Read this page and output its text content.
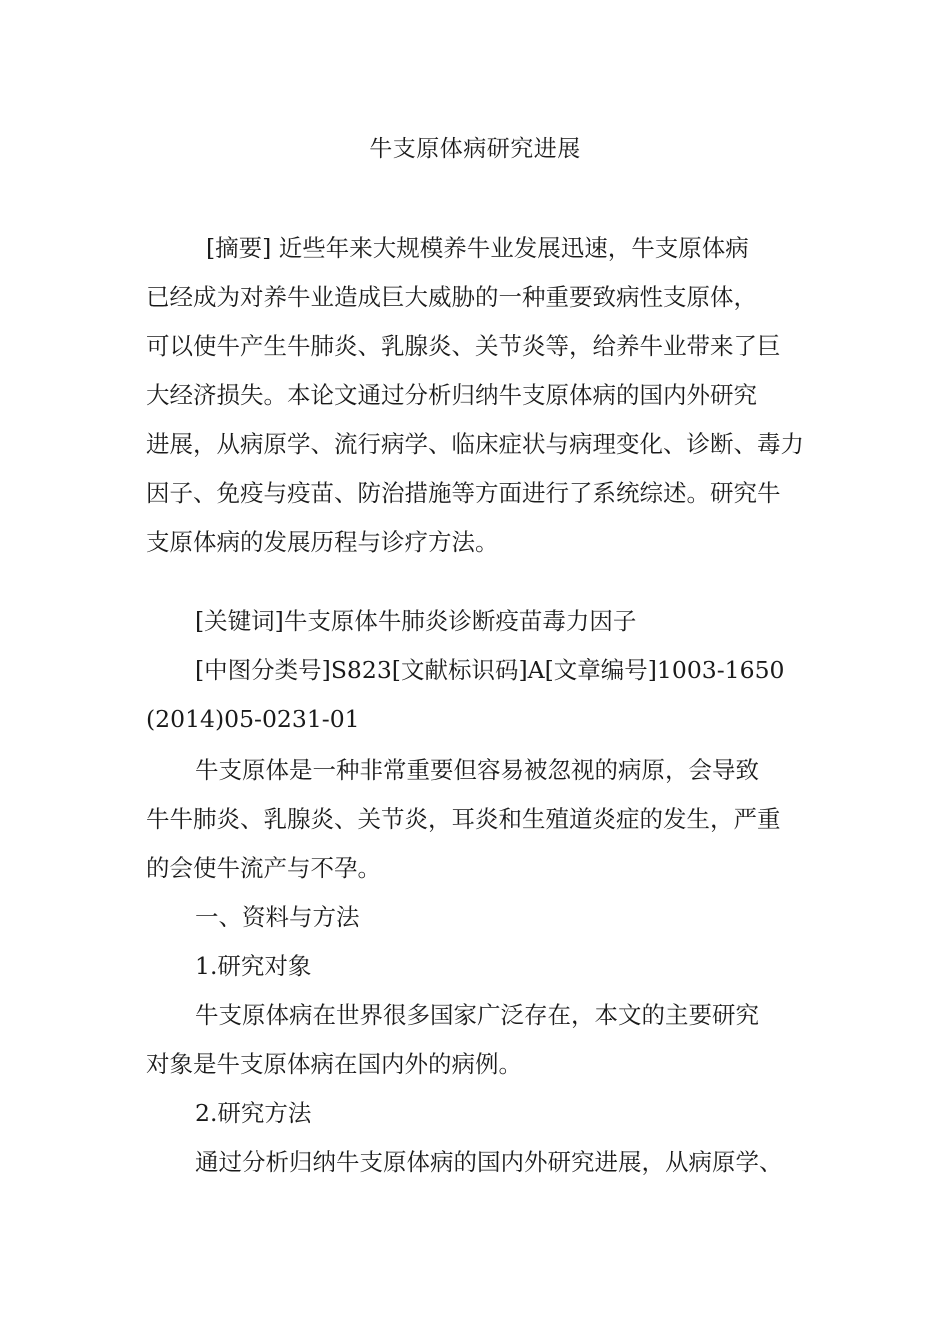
牛支原体病研究进展
[摘要] 近些年来大规模养牛业发展迅速，牛支原体病
已经成为对养牛业造成巨大威胁的一种重要致病性支原体，
可以使牛产生牛肺炎、乳腺炎、关节炎等，给养牛业带来了巨
大经济损失。本论文通过分析归纳牛支原体病的国内外研究
进展，从病原学、流行病学、临床症状与病理变化、诊断、毒力
因子、免疫与疫苗、防治措施等方面进行了系统综述。研究牛
支原体病的发展历程与诊疗方法。
[关键词]牛支原体牛肺炎诊断疫苗毒力因子
[中图分类号]S823[文献标识码]A[文章编号]1003-1650
(2014)05-0231-01
牛支原体是一种非常重要但容易被忽视的病原，会导致
牛牛肺炎、乳腺炎、关节炎，耳炎和生殖道炎症的发生，严重
的会使牛流产与不孕。
一、资料与方法
1.研究对象
牛支原体病在世界很多国家广泛存在，本文的主要研究
对象是牛支原体病在国内外的病例。
2.研究方法
通过分析归纳牛支原体病的国内外研究进展，从病原学、
